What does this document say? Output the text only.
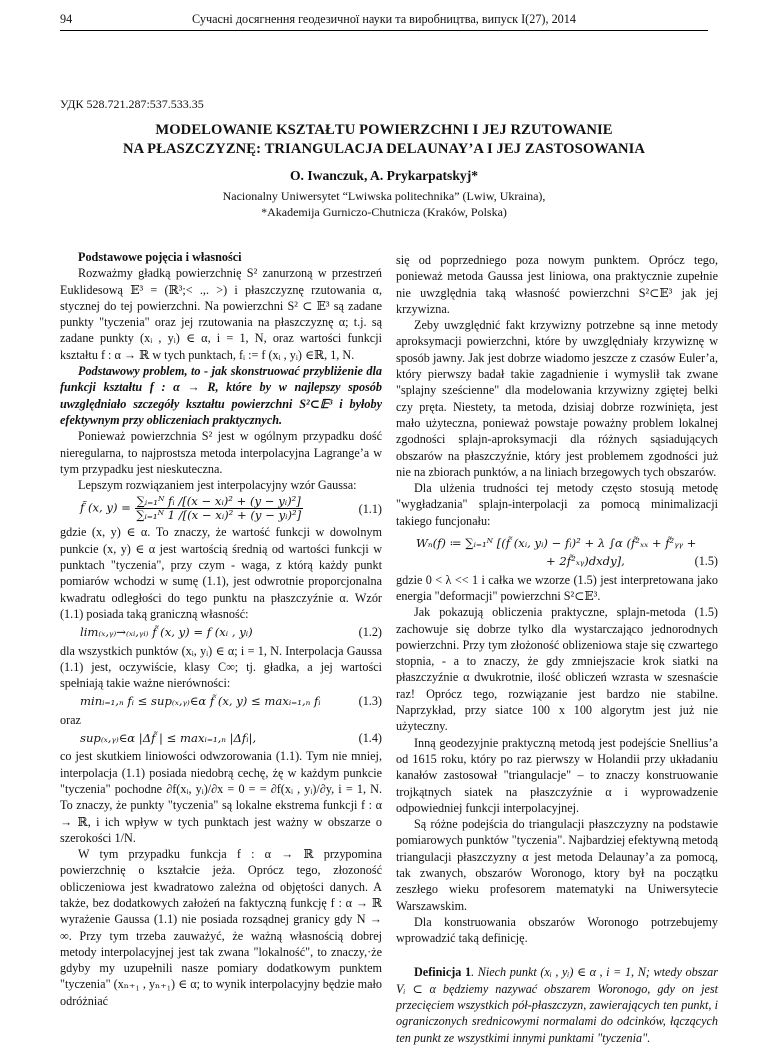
94	Сучасні досягнення геодезичної науки та виробництва, випуск I(27), 2014
УДК 528.721.287:537.533.35
MODELOWANIE KSZTAŁTU POWIERZCHNI I JEJ RZUTOWANIE
NA PŁASZCZYZNĘ: TRIANGULACJA DELAUNAY’A I JEJ ZASTOSOWANIA
O. Iwanczuk, A. Prykarpatskyj*
Nacionalny Uniwersytet “Lwiwska politechnika” (Lwiw, Ukraina),
*Akademija Gurniczo-Chutnicza (Kraków, Polska)
Podstawowe pojęcia i własności

Rozważmy gładką powierzchnię S² zanurzoną w przestrzeń Euklidesową 𝔼³ = (ℝ³;< .,. >) i płaszczyznę rzutowania α, stycznej do tej powierzchni. Na powierzchni S² ⊂ 𝔼³ są zadane punkty "tyczenia" oraz jej rzutowania na płaszczyznę α; t.j. są zadane punkty (xᵢ , yᵢ) ∈ α, i = 1, N, oraz wartości funkcji kształtu f : α → ℝ w tych punktach, fᵢ := f (xᵢ , yᵢ) ∈ℝ, 1, N.

Podstawowy problem, to - jak skonstruować przybliżenie dla funkcji kształtu f : α → R, które by w najlepszy sposób uwzględniało szczegóły kształtu powierzchni S²⊂𝔼³ i byłoby efektywnym przy obliczeniach praktycznych.

Ponieważ powierzchnia S² jest w ogólnym przypadku dość nieregularna, to najprostsza metoda interpolacyjna Lagrange’a w tym przypadku jest nieskuteczna.

Lepszym rozwiązaniem jest interpolacyjny wzór Gaussa:

f̃ (x, $y) = \frac{\text{∑ᵢ₌₁ᴺ fᵢ /[(x − xᵢ)² + (y − yᵢ)²]}}{\text{∑ᵢ₌₁ᴺ 1 /[(x − xᵢ)² + (y − yᵢ)²]}}$	(1.1)

gdzie (x, y) ∈ α. To znaczy, że wartość funkcji w dowolnym punkcie (x, y) ∈ α jest wartością średnią od wartości funkcji w punktach "tyczenia", przy czym - waga, z którą każdy punkt pomiarów wchodzi w sumę (1.1), jest odwrotnie proporcjonalna kwadratu odległości do tego punktu na płaszczyźnie α. Wzór (1.1) posiada taką graniczną własność:

lim₍ₓ,ᵧ₎→₍ₓᵢ,ᵧᵢ₎ f̃ (x, y) = f (xᵢ , yᵢ)	(1.2)

dla wszystkich punktów (xᵢ, yᵢ) ∈ α; i = 1, N. Interpolacja Gaussa (1.1) jest, oczywiście, klasy C∞; tj. gładka, a jej wartości spełniają takie ważne nierówności:

minᵢ₌₁,ₙ fᵢ ≤ sup₍ₓ,ᵧ₎∈α f̃ (x, y) ≤ maxᵢ₌₁,ₙ fᵢ	(1.3)

oraz

sup₍ₓ,ᵧ₎∈α |Δf̃ | ≤ maxᵢ₌₁,ₙ |Δfᵢ|,	(1.4)

co jest skutkiem liniowości odwzorowania (1.1). Tym nie mniej, interpolacja (1.1) posiada niedobrą cechę, żę w każdym punkcie "tyczenia" pochodne ∂f(xᵢ, yᵢ)/∂x = 0 = = ∂f(xᵢ , yᵢ)/∂y, i = 1, N. To znaczy, że punkty "tyczenia" są lokalne ekstrema funkcji f : α → ℝ, i ich wpływ w tych punktach jest ważny w obszarze o szerokości 1/N.

W tym przypadku funkcja f : α → ℝ przypomina powierzchnię o kształcie jeża. Oprócz tego, złozoność obliczeniowa jest kwadratowo zależna od objętości danych. A także, bez dodatkowych założeń na faktyczną funkcję f : α → ℝ wyrażenie Gaussa (1.1) nie posiada rozsądnej granicy gdy N → ∞. Przy tym trzeba zauważyć, że ważną własnością dobrej metody interpolacyjnej jest tak zwana "lokalność", to znaczy,·że gdyby my uzupełnili nasze pomiary dodatkowym punktem "tyczenia" (xₙ₊₁ , yₙ₊₁) ∈ α; to wynik interpolacyjny będzie mało odróżniać

się od poprzedniego poza nowym punktem. Oprócz tego, ponieważ metoda Gaussa jest liniowa, ona praktycznie zupełnie nie uwzględnia taką własność powierzchni S²⊂𝔼³ jak jej krzywizna.

Zeby uwzględnić fakt krzywizny potrzebne są inne metody aproksymacji powierzchni, które by uwzględniały krzywiznę w sposób jawny. Jak jest dobrze wiadomo jeszcze z czasów Euler’a, który pierwszy badał takie zagadnienie i wymyslił tak zwane "splajny sześcienne" dla modelowania krzywizny zgiętej belki czy pręta. Niestety, ta metoda, dzisiaj dobrze rozwinięta, jest mało użyteczna, ponieważ powstaje poważny problem lokalnej zgodności splajn-aproksymacji dla różnych sąsiadujących obszarów na płaszczyźnie, który jest problemem zgodności już nie na zbiorach punktów, a na liniach brzegowych tych obszarów.

Dla ulżenia trudności tej metody często stosują metodę "wygładzania" splajn-interpolacji za pomocą minimalizacji takiego funcjonału:

Wₙ(f) ≔ ∑ᵢ₌₁ᴺ [(f̃ (xᵢ, yᵢ) − fᵢ)² + λ ∫α (f̃²ₓₓ + f̃²ᵧᵧ +
+ 2f̃²ₓᵧ)dxdy],	(1.5)

gdzie 0 < λ << 1 i całka we wzorze (1.5) jest interpretowana jako energia "deformacji" powierzchni S²⊂𝔼³.

Jak pokazują obliczenia praktyczne, splajn-metoda (1.5) zachowuje się dobrze tylko dla wystarczająco jednorodnych powierzchni. Przy tym złożoność oblizeniowa staje się czwartego stopnia, - a to znaczy, że gdy zmniejszacie krok siatki na płaszczyźnie α dwukrotnie, ilość obliczeń wzrasta w szesnaście raz! Oprócz tego, rozwiązanie jest bardzo nie stabilne. Naprzykład, przy siatce 100 x 100 algorytm jest już nie użyteczny.

Inną geodezyjnie praktyczną metodą jest podejście Snellius’a od 1615 roku, który po raz pierwszy w Holandii przy układaniu kanałów zastosował "triangulacje" – to znaczy konstruowanie trojkątnych siatek na płaszczyźnie α i wyprowadzenie odpowiedniej funkcji interpolacyjnej.

Są różne podejścia do triangulacji płaszczyzny na podstawie pomiarowych punktów "tyczenia". Najbardziej efektywną metodą triangulacji płaszczyzny α jest metoda Delaunay’a za pomocą, tak zwanych, obszarów Woronogo, ktory był na początku zeszłego wieku profesorem matematyki na Uniwersytecie Warszawskim.

Dla konstruowania obszarów Woronogo potrzebujemy wprowadzić taką definicję.

Definicja 1. Niech punkt (xᵢ , yᵢ) ∈ α , i = 1, N; wtedy obszar Vᵢ ⊂ α będziemy nazywać obszarem Woronogo, gdy on jest przecięciem wszystkich pół-płaszczyzn, zawierających ten punkt, i ograniczonych srednicowymi normalami do odcinków, łączących ten punkt ze wszystkimi innymi punktami "tyczenia".
